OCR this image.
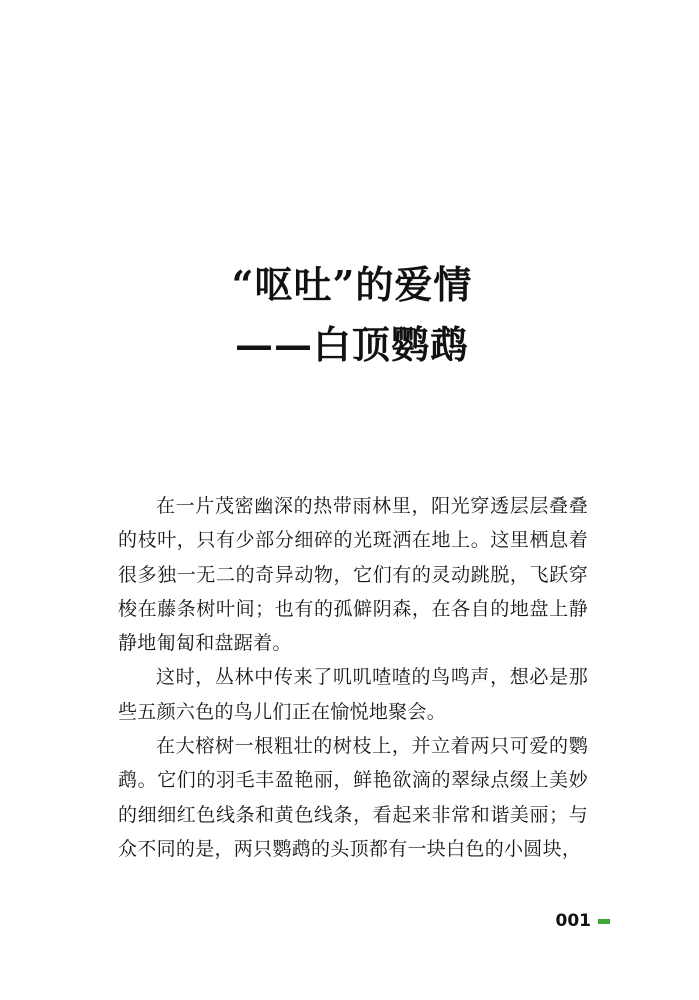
“呕吐”的爱情
——白顶鹦鹉

在一片茂密幽深的热带雨林里，阳光穿透层层叠叠的枝叶，只有少部分细碎的光斑洒在地上。这里栖息着很多独一无二的奇异动物，它们有的灵动跳脱，飞跃穿梭在藤条树叶间；也有的孤僻阴森，在各自的地盘上静静地匍匐和盘踞着。

这时，丛林中传来了叽叽喳喳的鸟鸣声，想必是那些五颜六色的鸟儿们正在愉悦地聚会。

在大榕树一根粗壮的树枝上，并立着两只可爱的鹦鹉。它们的羽毛丰盈艳丽，鲜艳欲滴的翠绿点缀上美妙的细细红色线条和黄色线条，看起来非常和谐美丽；与众不同的是，两只鹦鹉的头顶都有一块白色的小圆块，

001
